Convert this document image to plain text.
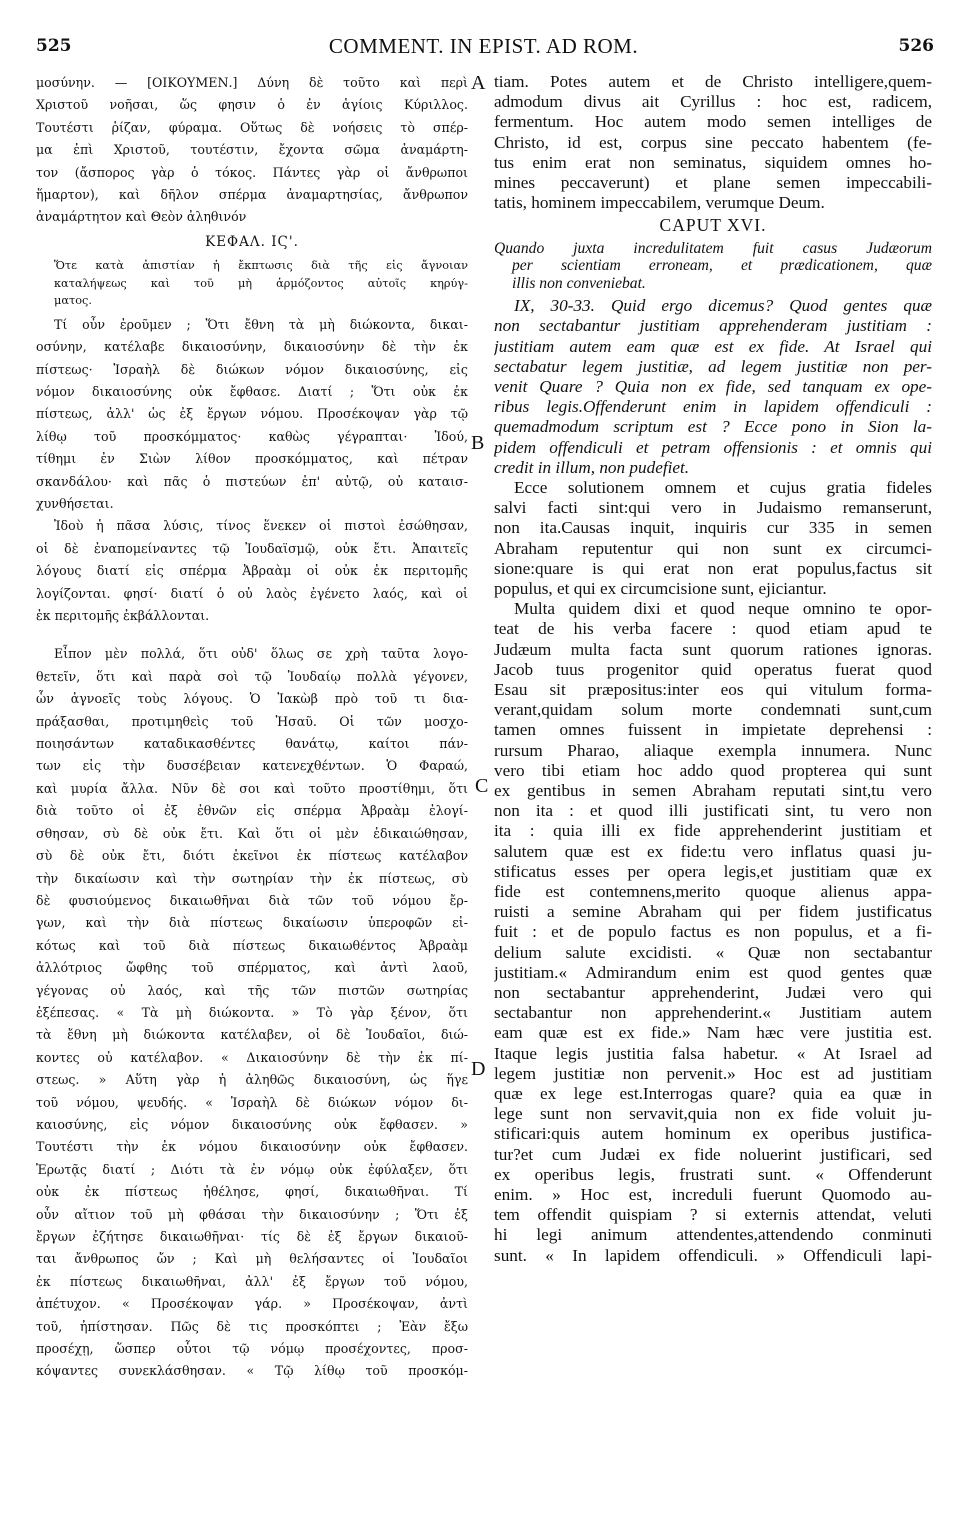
525	COMMENT. IN EPIST. AD ROM.	526
A
B
C
D
μοσύνην. — [ΟΙΚΟΥΜΕΝ.] Δύνη δὲ τοῦτο καὶ περὶ
Χριστοῦ νοῆσαι, ὥς φησιν ὁ ἐν ἁγίοις Κύριλλος.
Τουτέστι ῥίζαν, φύραμα. Οὕτως δὲ νοήσεις τὸ σπέρ-
μα ἐπὶ Χριστοῦ, τουτέστιν, ἔχοντα σῶμα ἀναμάρτη-
τον (ἄσπορος γὰρ ὁ τόκος. Πάντες γὰρ οἱ ἄνθρωποι
ἥμαρτον), καὶ δῆλον σπέρμα ἀναμαρτησίας, ἄνθρωπον
ἀναμάρτητον καὶ Θεὸν ἀληθινόν
ΚΕΦΑΛ. ΙϚ'.
Ὅτε κατὰ ἀπιστίαν ἡ ἔκπτωσις διὰ τῆς εἰς ἄγνοιαν
καταλήψεως καὶ τοῦ μὴ ἁρμόζοντος αὐτοῖς κηρύγ-
ματος.
Τί οὖν ἐροῦμεν ; Ὅτι ἔθνη τὰ μὴ διώκοντα, δικαι-
οσύνην, κατέλαβε δικαιοσύνην, δικαιοσύνην δὲ τὴν ἐκ
πίστεως· Ἰσραὴλ δὲ διώκων νόμον δικαιοσύνης, εἰς
νόμον δικαιοσύνης οὐκ ἔφθασε. Διατί ; Ὅτι οὐκ ἐκ
πίστεως, ἀλλ' ὡς ἐξ ἔργων νόμου. Προσέκοψαν γὰρ τῷ
λίθῳ τοῦ προσκόμματος· καθὼς γέγραπται· Ἰδού,
τίθημι ἐν Σιὼν λίθον προσκόμματος, καὶ πέτραν
σκανδάλου· καὶ πᾶς ὁ πιστεύων ἐπ' αὐτῷ, οὐ καταισ-
χυνθήσεται.
Ἰδοὺ ἡ πᾶσα λύσις, τίνος ἕνεκεν οἱ πιστοὶ ἐσώθησαν,
οἱ δὲ ἐναπομείναντες τῷ Ἰουδαϊσμῷ, οὐκ ἔτι. Ἀπαιτεῖς
λόγους διατί εἰς σπέρμα Ἀβραὰμ οἱ οὐκ ἐκ περιτομῆς
λογίζονται. φησί· διατί ὁ οὐ λαὸς ἐγένετο λαός, καὶ οἱ
ἐκ περιτομῆς ἐκβάλλονται.
Εἶπον μὲν πολλά, ὅτι οὐδ' ὅλως σε χρὴ ταῦτα λογο-
θετεῖν, ὅτι καὶ παρὰ σοὶ τῷ Ἰουδαίῳ πολλὰ γέγονεν,
ὧν ἀγνοεῖς τοὺς λόγους. Ὁ Ἰακὼβ πρὸ τοῦ τι δια-
πράξασθαι, προτιμηθεὶς τοῦ Ἡσαῦ. Οἱ τῶν μοσχο-
ποιησάντων καταδικασθέντες θανάτῳ, καίτοι πάν-
των εἰς τὴν δυσσέβειαν κατενεχθέντων. Ὁ Φαραώ,
καὶ μυρία ἄλλα. Νῦν δὲ σοι καὶ τοῦτο προστίθημι, ὅτι
διὰ τοῦτο οἱ ἐξ ἐθνῶν εἰς σπέρμα Ἀβραὰμ ἐλογί-
σθησαν, σὺ δὲ οὐκ ἔτι. Καὶ ὅτι οἱ μὲν ἐδικαιώθησαν,
σὺ δὲ οὐκ ἔτι, διότι ἐκεῖνοι ἐκ πίστεως κατέλαβον
τὴν δικαίωσιν καὶ τὴν σωτηρίαν τὴν ἐκ πίστεως, σὺ
δὲ φυσιούμενος δικαιωθῆναι διὰ τῶν τοῦ νόμου ἔρ-
γων, καὶ τὴν διὰ πίστεως δικαίωσιν ὑπεροφῶν εἰ-
κότως καὶ τοῦ διὰ πίστεως δικαιωθέντος Ἀβραὰμ
ἀλλότριος ὤφθης τοῦ σπέρματος, καὶ ἀντὶ λαοῦ,
γέγονας οὐ λαός, καὶ τῆς τῶν πιστῶν σωτηρίας
ἐξέπεσας. « Τὰ μὴ διώκοντα. » Τὸ γὰρ ξένον, ὅτι
τὰ ἔθνη μὴ διώκοντα κατέλαβεν, οἱ δὲ Ἰουδαῖοι, διώ-
κοντες οὐ κατέλαβον. « Δικαιοσύνην δὲ τὴν ἐκ πί-
στεως. » Αὕτη γὰρ ἡ ἀληθῶς δικαιοσύνη, ὡς ἥγε
τοῦ νόμου, ψευδής. « Ἰσραὴλ δὲ διώκων νόμον δι-
καιοσύνης, εἰς νόμον δικαιοσύνης οὐκ ἔφθασεν. »
Τουτέστι τὴν ἐκ νόμου δικαιοσύνην οὐκ ἔφθασεν.
Ἐρωτᾷς διατί ; Διότι τὰ ἐν νόμῳ οὐκ ἐφύλαξεν, ὅτι
οὐκ ἐκ πίστεως ἠθέλησε, φησί, δικαιωθῆναι. Τί
οὖν αἴτιον τοῦ μὴ φθάσαι τὴν δικαιοσύνην ; Ὅτι ἐξ
ἔργων ἐζήτησε δικαιωθῆναι· τίς δὲ ἐξ ἔργων δικαιοῦ-
ται ἄνθρωπος ὤν ; Καὶ μὴ θελήσαντες οἱ Ἰουδαῖοι
ἐκ πίστεως δικαιωθῆναι, ἀλλ' ἐξ ἔργων τοῦ νόμου,
ἀπέτυχον. « Προσέκοψαν γάρ. » Προσέκοψαν, ἀντὶ
τοῦ, ἠπίστησαν. Πῶς δὲ τις προσκόπτει ; Ἐὰν ἔξω
προσέχῃ, ὥσπερ οὗτοι τῷ νόμῳ προσέχοντες, προσ-
κόψαντες συνεκλάσθησαν. « Τῷ λίθῳ τοῦ προσκόμ-
tiam. Potes autem et de Christo intelligere,quem-
admodum divus ait Cyrillus : hoc est, radicem,
fermentum. Hoc autem modo semen intelliges de
Christo, id est, corpus sine peccato habentem (fe-
tus enim erat non seminatus, siquidem omnes ho-
mines peccaverunt) et plane semen impeccabili-
tatis, hominem impeccabilem, verumque Deum.
CAPUT XVI.
Quando juxta incredulitatem fuit casus Judæorum
per scientiam erroneam, et prædicationem, quæ
illis non conveniebat.
IX, 30-33. Quid ergo dicemus? Quod gentes quæ
non sectabantur justitiam apprehenderam justitiam :
justitiam autem eam quæ est ex fide. At Israel qui
sectabatur legem justitiæ, ad legem justitiæ non per-
venit Quare ? Quia non ex fide, sed tanquam ex ope-
ribus legis.Offenderunt enim in lapidem offendiculi :
quemadmodum scriptum est ? Ecce pono in Sion la-
pidem offendiculi et petram offensionis : et omnis qui
credit in illum, non pudefiet.
Ecce solutionem omnem et cujus gratia fideles
salvi facti sint:qui vero in Judaismo remanserunt,
non ita.Causas inquit, inquiris cur 335 in semen
Abraham reputentur qui non sunt ex circumci-
sione:quare is qui erat non erat populus,factus sit
populus, et qui ex circumcisione sunt, ejiciantur.
Multa quidem dixi et quod neque omnino te opor-
teat de his verba facere : quod etiam apud te
Judæum multa facta sunt quorum rationes ignoras.
Jacob tuus progenitor quid operatus fuerat quod
Esau sit præpositus:inter eos qui vitulum forma-
verant,quidam solum morte condemnati sunt,cum
tamen omnes fuissent in impietate deprehensi :
rursum Pharao, aliaque exempla innumera. Nunc
vero tibi etiam hoc addo quod propterea qui sunt
ex gentibus in semen Abraham reputati sint,tu vero
non ita : et quod illi justificati sint, tu vero non
ita : quia illi ex fide apprehenderint justitiam et
salutem quæ est ex fide:tu vero inflatus quasi ju-
stificatus esses per opera legis,et justitiam quæ ex
fide est contemnens,merito quoque alienus appa-
ruisti a semine Abraham qui per fidem justificatus
fuit : et de populo factus es non populus, et a fi-
delium salute excidisti. « Quæ non sectabantur
justitiam.« Admirandum enim est quod gentes quæ
non sectabantur apprehenderint, Judæi vero qui
sectabantur non apprehenderint.« Justitiam autem
eam quæ est ex fide.» Nam hæc vere justitia est.
Itaque legis justitia falsa habetur. « At Israel ad
legem justitiæ non pervenit.» Hoc est ad justitiam
quæ ex lege est.Interrogas quare? quia ea quæ in
lege sunt non servavit,quia non ex fide voluit ju-
stificari:quis autem hominum ex operibus justifica-
tur?et cum Judæi ex fide noluerint justificari, sed
ex operibus legis, frustrati sunt. « Offenderunt
enim. » Hoc est, increduli fuerunt Quomodo au-
tem offendit quispiam ? si externis attendat, veluti
hi legi animum attendentes,attendendo conminuti
sunt. « In lapidem offendiculi. » Offendiculi lapi-
